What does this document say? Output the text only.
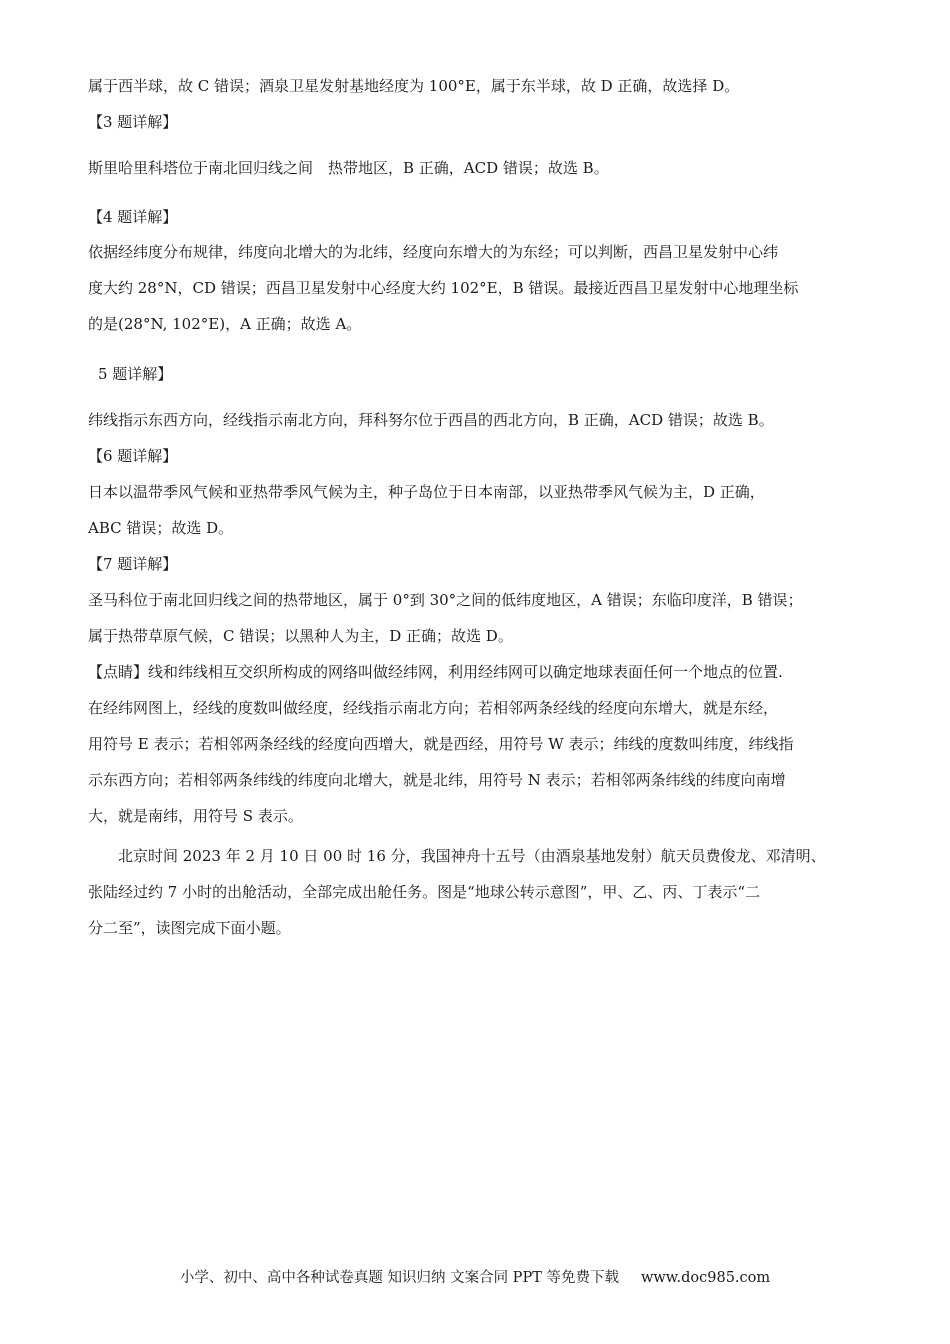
属于西半球，故 C 错误；酒泉卫星发射基地经度为 100°E，属于东半球，故 D 正确，故选择 D。
【3 题详解】
斯里哈里科塔位于南北回归线之间　热带地区，B 正确，ACD 错误；故选 B。
【4 题详解】
依据经纬度分布规律，纬度向北增大的为北纬，经度向东增大的为东经；可以判断，西昌卫星发射中心纬
度大约 28°N，CD 错误；西昌卫星发射中心经度大约 102°E，B 错误。最接近西昌卫星发射中心地理坐标
的是(28°N, 102°E)，A 正确；故选 A。
5 题详解】
纬线指示东西方向，经线指示南北方向，拜科努尔位于西昌的西北方向，B 正确，ACD 错误；故选 B。
【6 题详解】
日本以温带季风气候和亚热带季风气候为主，种子岛位于日本南部，以亚热带季风气候为主，D 正确，
ABC 错误；故选 D。
【7 题详解】
圣马科位于南北回归线之间的热带地区，属于 0°到 30°之间的低纬度地区，A 错误；东临印度洋，B 错误；
属于热带草原气候，C 错误；以黑种人为主，D 正确；故选 D。
【点睛】线和纬线相互交织所构成的网络叫做经纬网，利用经纬网可以确定地球表面任何一个地点的位置.
在经纬网图上，经线的度数叫做经度，经线指示南北方向；若相邻两条经线的经度向东增大，就是东经，
用符号 E 表示；若相邻两条经线的经度向西增大，就是西经，用符号 W 表示；纬线的度数叫纬度，纬线指
示东西方向；若相邻两条纬线的纬度向北增大，就是北纬，用符号 N 表示；若相邻两条纬线的纬度向南增
大，就是南纬，用符号 S 表示。
北京时间 2023 年 2 月 10 日 00 时 16 分，我国神舟十五号（由酒泉基地发射）航天员费俊龙、邓清明、
张陆经过约 7 小时的出舱活动，全部完成出舱任务。图是“地球公转示意图”，甲、乙、丙、丁表示“二
分二至”，读图完成下面小题。
小学、初中、高中各种试卷真题 知识归纳 文案合同 PPT 等免费下载 www.doc985.com
